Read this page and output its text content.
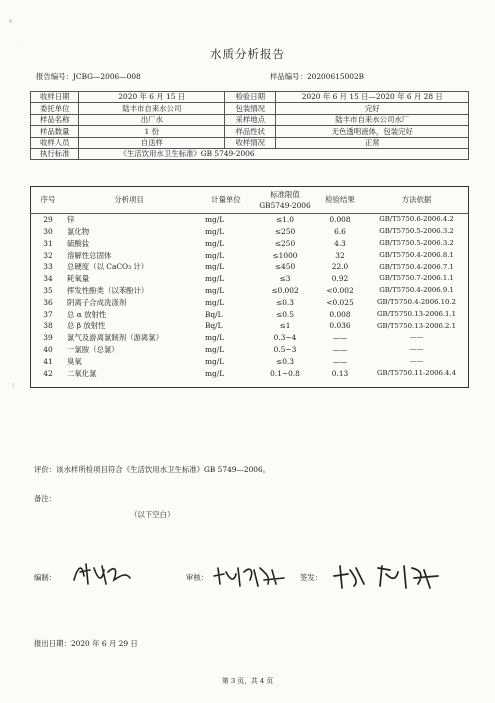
×
·
!
水质分析报告
报告编号：JCBG—2006—008	样品编号：20200615002B
收样日期	2020 年 6 月 15 日	检验日期	2020 年 6 月 15 日—2020 年 6 月 28 日
委托单位	陆丰市自来水公司	包装情况	完好
样品名称	出厂水	采样地点	陆丰市自来水公司水厂
样品数量	1 份	样品性状	无色透明液体，包装完好
收样人员	自送样	收样情况	正常
执行标准	《生活饮用水卫生标准》GB 5749-2006		
序号	分析项目	计量单位	标准限值 GB5749-2006	检验结果	方法依据
29	锌	mg/L	≤1.0	0.008	GB/T5750.6-2006.4.2
30	氯化物	mg/L	≤250	6.6	GB/T5750.5-2006.3.2
31	硫酸盐	mg/L	≤250	4.3	GB/T5750.5-2006.3.2
32	溶解性总固体	mg/L	≤1000	32	GB/T5750.4-2006.8.1
33	总硬度（以 CaCO₃ 计）	mg/L	≤450	22.0	GB/T5750.4-2006.7.1
34	耗氧量	mg/L	≤3	0.92	GB/T5750.7-2006.1.1
35	挥发性酚类（以苯酚计）	mg/L	≤0.002	<0.002	GB/T5750.4-2006.9.1
36	阴离子合成洗涤剂	mg/L	≤0.3	<0.025	GB/T5750.4-2006.10.2
37	总 α 放射性	Bq/L	≤0.5	0.008	GB/T5750.13-2006.1.1
38	总 β 放射性	Bq/L	≤1	0.036	GB/T5750.13-2006.2.1
39	氯气及游离氯制剂（游离氯）	mg/L	0.3~4	——	——
40	一氯胺（总氯）	mg/L	0.5~3	——	——
41	臭氧	mg/L	≤0.3	——	——
42	二氧化氯	mg/L	0.1~0.8	0.13	GB/T5750.11-2006.4.4

评价：该水样所检项目符合《生活饮用水卫生标准》GB 5749—2006。
备注：
（以下空白）
编制：	审核：	签发：
报出日期：2020 年 6 月 29 日
第 3 页，共 4 页
